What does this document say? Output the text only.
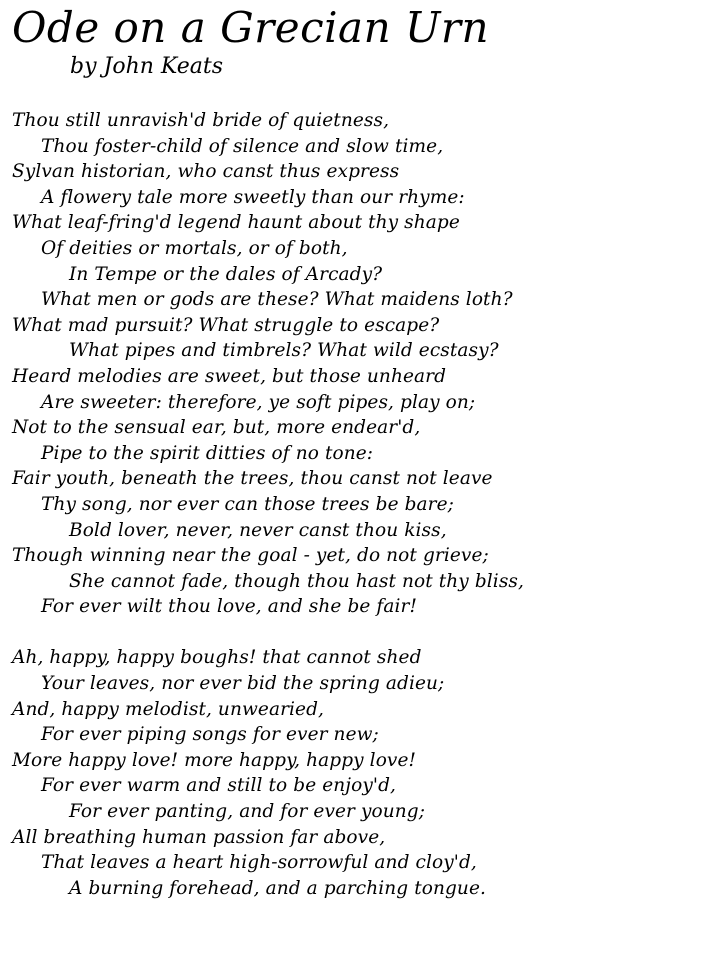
Ode on a Grecian Urn
by John Keats
Thou still unravish'd bride of quietness,
Thou foster-child of silence and slow time,
Sylvan historian, who canst thus express
A flowery tale more sweetly than our rhyme:
What leaf-fring'd legend haunt about thy shape
Of deities or mortals, or of both,
In Tempe or the dales of Arcady?
What men or gods are these? What maidens loth?
What mad pursuit? What struggle to escape?
What pipes and timbrels? What wild ecstasy?
Heard melodies are sweet, but those unheard
Are sweeter: therefore, ye soft pipes, play on;
Not to the sensual ear, but, more endear'd,
Pipe to the spirit ditties of no tone:
Fair youth, beneath the trees, thou canst not leave
Thy song, nor ever can those trees be bare;
Bold lover, never, never canst thou kiss,
Though winning near the goal - yet, do not grieve;
She cannot fade, though thou hast not thy bliss,
For ever wilt thou love, and she be fair!
Ah, happy, happy boughs! that cannot shed
Your leaves, nor ever bid the spring adieu;
And, happy melodist, unwearied,
For ever piping songs for ever new;
More happy love! more happy, happy love!
For ever warm and still to be enjoy'd,
For ever panting, and for ever young;
All breathing human passion far above,
That leaves a heart high-sorrowful and cloy'd,
A burning forehead, and a parching tongue.
